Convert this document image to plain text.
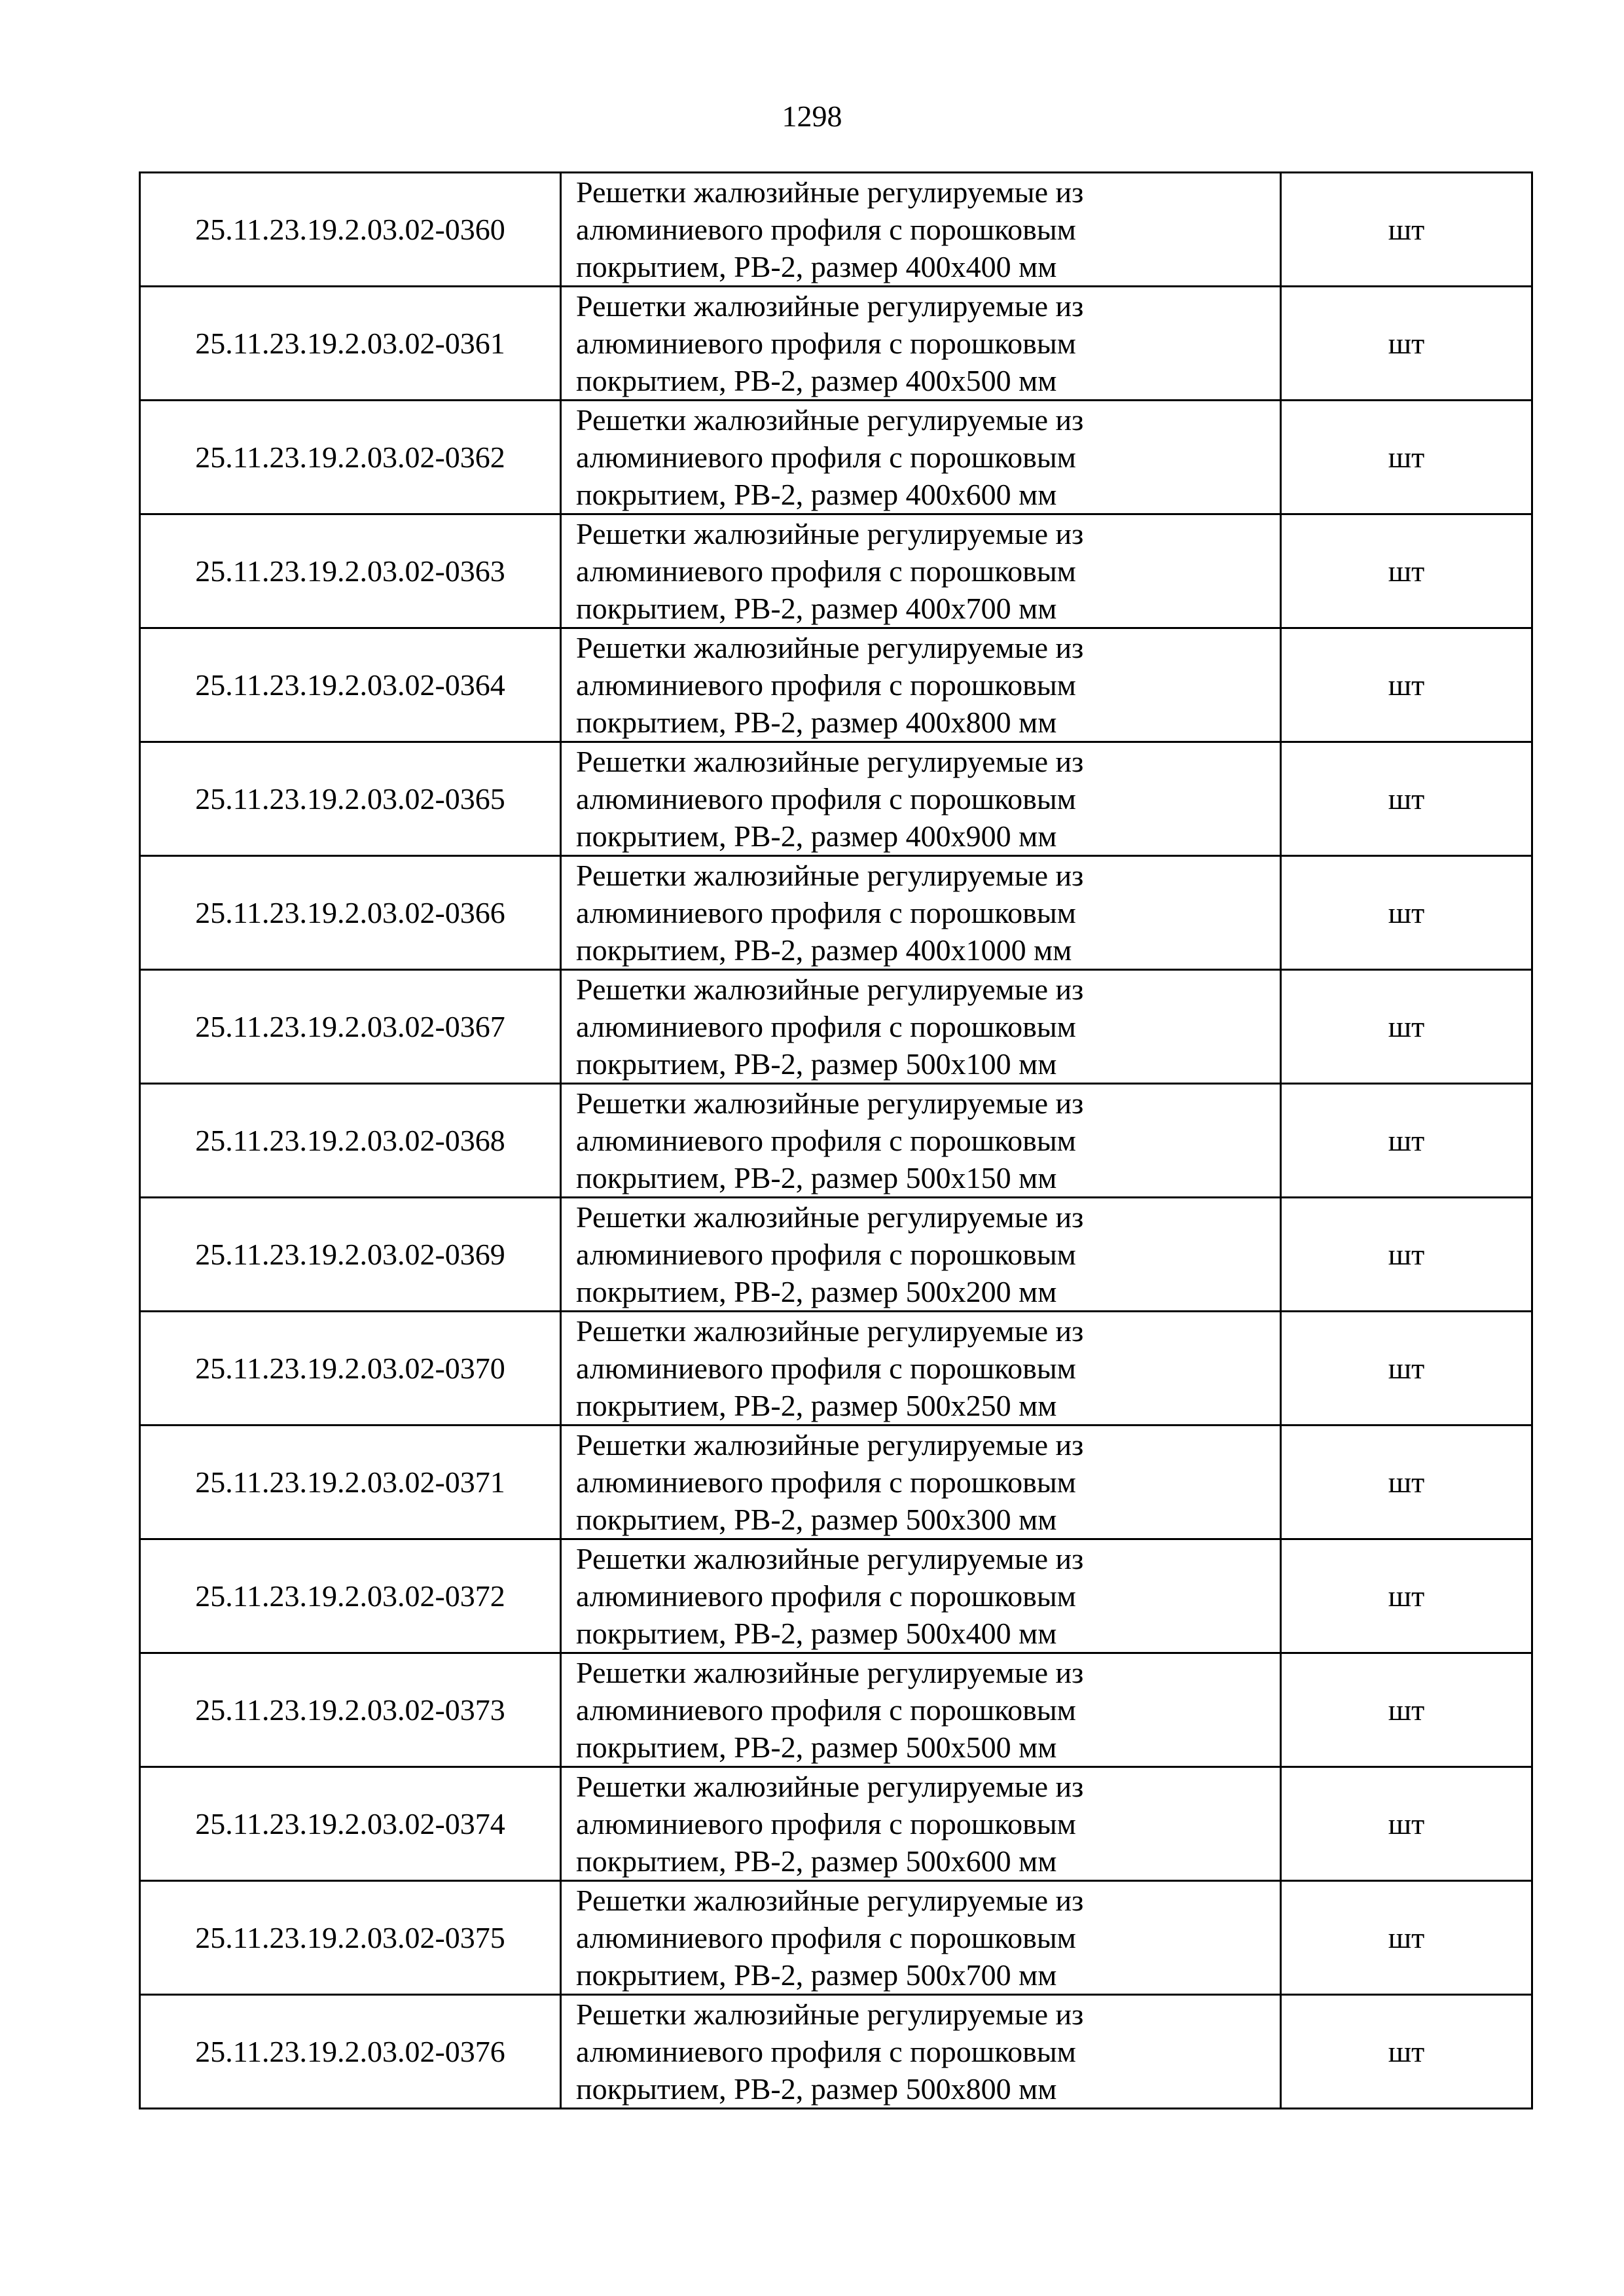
1298
25.11.23.19.2.03.02-0360	Решетки жалюзийные регулируемые из
алюминиевого профиля с порошковым
покрытием, РВ-2, размер 400х400 мм	шт
25.11.23.19.2.03.02-0361	Решетки жалюзийные регулируемые из
алюминиевого профиля с порошковым
покрытием, РВ-2, размер 400х500 мм	шт
25.11.23.19.2.03.02-0362	Решетки жалюзийные регулируемые из
алюминиевого профиля с порошковым
покрытием, РВ-2, размер 400х600 мм	шт
25.11.23.19.2.03.02-0363	Решетки жалюзийные регулируемые из
алюминиевого профиля с порошковым
покрытием, РВ-2, размер 400х700 мм	шт
25.11.23.19.2.03.02-0364	Решетки жалюзийные регулируемые из
алюминиевого профиля с порошковым
покрытием, РВ-2, размер 400х800 мм	шт
25.11.23.19.2.03.02-0365	Решетки жалюзийные регулируемые из
алюминиевого профиля с порошковым
покрытием, РВ-2, размер 400х900 мм	шт
25.11.23.19.2.03.02-0366	Решетки жалюзийные регулируемые из
алюминиевого профиля с порошковым
покрытием, РВ-2, размер 400х1000 мм	шт
25.11.23.19.2.03.02-0367	Решетки жалюзийные регулируемые из
алюминиевого профиля с порошковым
покрытием, РВ-2, размер 500х100 мм	шт
25.11.23.19.2.03.02-0368	Решетки жалюзийные регулируемые из
алюминиевого профиля с порошковым
покрытием, РВ-2, размер 500х150 мм	шт
25.11.23.19.2.03.02-0369	Решетки жалюзийные регулируемые из
алюминиевого профиля с порошковым
покрытием, РВ-2, размер 500х200 мм	шт
25.11.23.19.2.03.02-0370	Решетки жалюзийные регулируемые из
алюминиевого профиля с порошковым
покрытием, РВ-2, размер 500х250 мм	шт
25.11.23.19.2.03.02-0371	Решетки жалюзийные регулируемые из
алюминиевого профиля с порошковым
покрытием, РВ-2, размер 500х300 мм	шт
25.11.23.19.2.03.02-0372	Решетки жалюзийные регулируемые из
алюминиевого профиля с порошковым
покрытием, РВ-2, размер 500х400 мм	шт
25.11.23.19.2.03.02-0373	Решетки жалюзийные регулируемые из
алюминиевого профиля с порошковым
покрытием, РВ-2, размер 500х500 мм	шт
25.11.23.19.2.03.02-0374	Решетки жалюзийные регулируемые из
алюминиевого профиля с порошковым
покрытием, РВ-2, размер 500х600 мм	шт
25.11.23.19.2.03.02-0375	Решетки жалюзийные регулируемые из
алюминиевого профиля с порошковым
покрытием, РВ-2, размер 500х700 мм	шт
25.11.23.19.2.03.02-0376	Решетки жалюзийные регулируемые из
алюминиевого профиля с порошковым
покрытием, РВ-2, размер 500х800 мм	шт
